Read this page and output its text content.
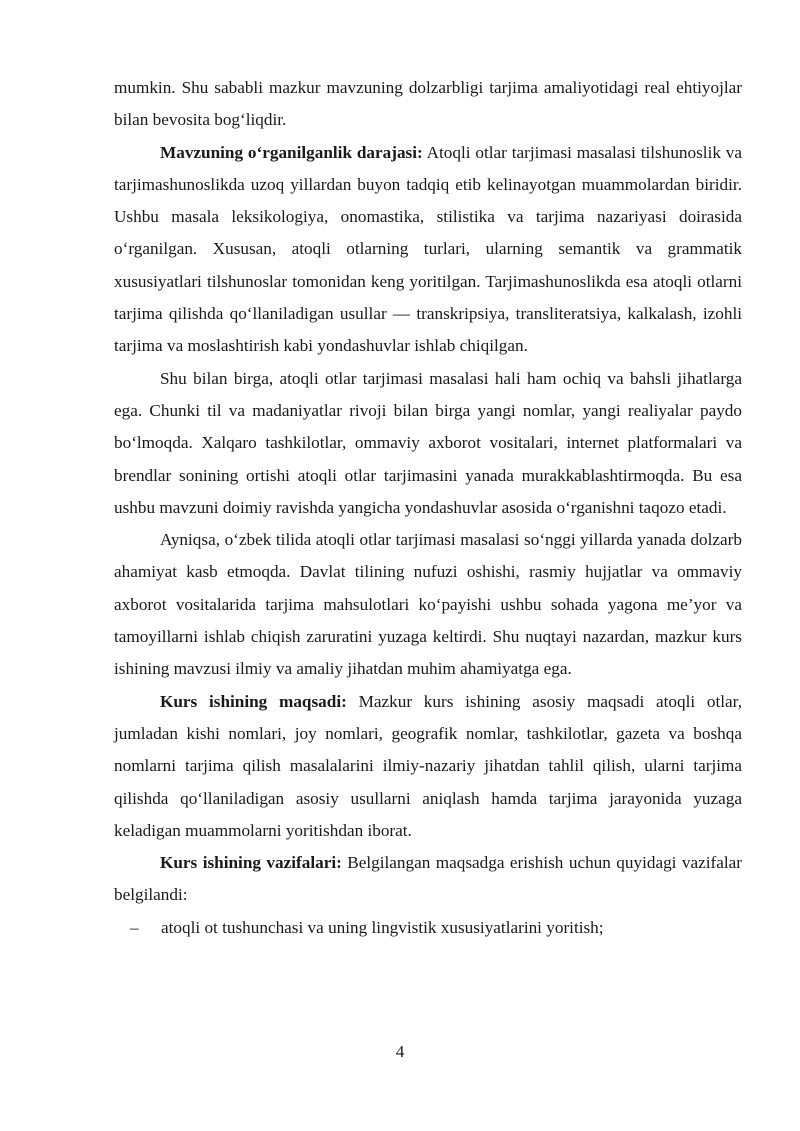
mumkin. Shu sababli mazkur mavzuning dolzarbligi tarjima amaliyotidagi real ehtiyojlar bilan bevosita bog‘liqdir.

Mavzuning o‘rganilganlik darajasi: Atoqli otlar tarjimasi masalasi tilshunoslik va tarjimashunoslikda uzoq yillardan buyon tadqiq etib kelinayotgan muammolardan biridir. Ushbu masala leksikologiya, onomastika, stilistika va tarjima nazariyasi doirasida o‘rganilgan. Xususan, atoqli otlarning turlari, ularning semantik va grammatik xususiyatlari tilshunoslar tomonidan keng yoritilgan. Tarjimashunoslikda esa atoqli otlarni tarjima qilishda qo‘llaniladigan usullar — transkripsiya, transliteratsiya, kalkalash, izohli tarjima va moslashtirish kabi yondashuvlar ishlab chiqilgan.

Shu bilan birga, atoqli otlar tarjimasi masalasi hali ham ochiq va bahsli jihatlarga ega. Chunki til va madaniyatlar rivoji bilan birga yangi nomlar, yangi realiyalar paydo bo‘lmoqda. Xalqaro tashkilotlar, ommaviy axborot vositalari, internet platformalari va brendlar sonining ortishi atoqli otlar tarjimasini yanada murakkablashtirmoqda. Bu esa ushbu mavzuni doimiy ravishda yangicha yondashuvlar asosida o‘rganishni taqozo etadi.

Ayniqsa, o‘zbek tilida atoqli otlar tarjimasi masalasi so‘nggi yillarda yanada dolzarb ahamiyat kasb etmoqda. Davlat tilining nufuzi oshishi, rasmiy hujjatlar va ommaviy axborot vositalarida tarjima mahsulotlari ko‘payishi ushbu sohada yagona me’yor va tamoyillarni ishlab chiqish zaruratini yuzaga keltirdi. Shu nuqtayi nazardan, mazkur kurs ishining mavzusi ilmiy va amaliy jihatdan muhim ahamiyatga ega.

Kurs ishining maqsadi: Mazkur kurs ishining asosiy maqsadi atoqli otlar, jumladan kishi nomlari, joy nomlari, geografik nomlar, tashkilotlar, gazeta va boshqa nomlarni tarjima qilish masalalarini ilmiy-nazariy jihatdan tahlil qilish, ularni tarjima qilishda qo‘llaniladigan asosiy usullarni aniqlash hamda tarjima jarayonida yuzaga keladigan muammolarni yoritishdan iborat.

Kurs ishining vazifalari: Belgilangan maqsadga erishish uchun quyidagi vazifalar belgilandi:

– atoqli ot tushunchasi va uning lingvistik xususiyatlarini yoritish;

4
